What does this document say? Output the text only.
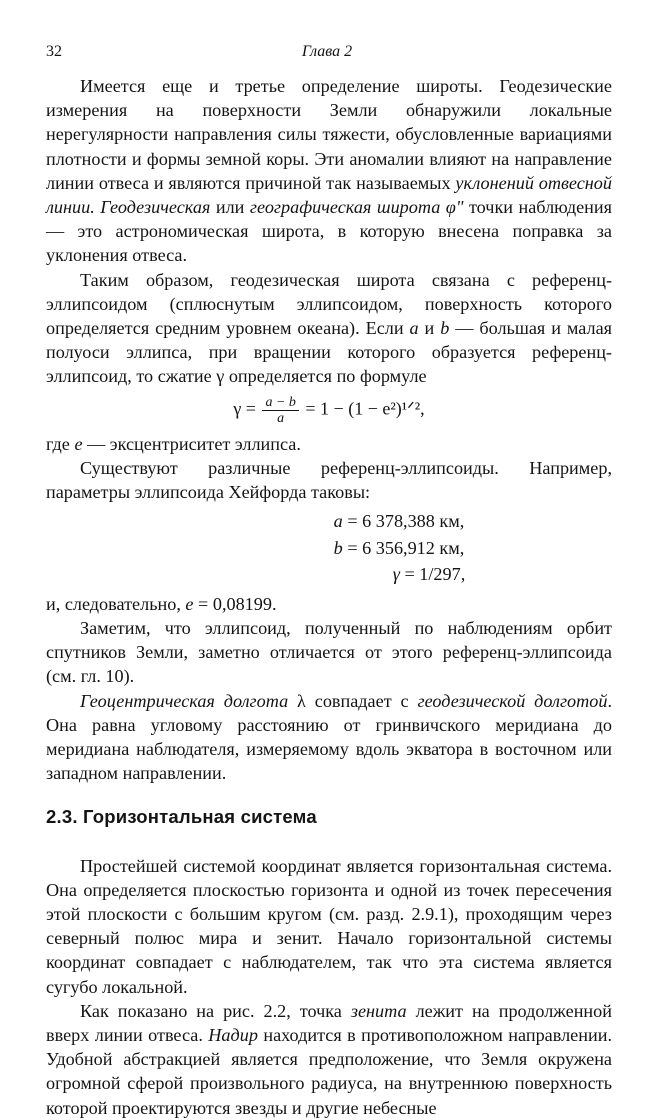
32	Глава 2

Имеется еще и третье определение широты. Геодезические измерения на поверхности Земли обнаружили локальные нерегулярности направления силы тяжести, обусловленные вариациями плотности и формы земной коры. Эти аномалии влияют на направление линии отвеса и являются причиной так называемых уклонений отвесной линии. Геодезическая или географическая широта φ" точки наблюдения — это астрономическая широта, в которую внесена поправка за уклонения отвеса.

Таким образом, геодезическая широта связана с референц-эллипсоидом (сплюснутым эллипсоидом, поверхность которого определяется средним уровнем океана). Если a и b — большая и малая полуоси эллипса, при вращении которого образуется референц-эллипсоид, то сжатие γ определяется по формуле

$\gamma = \frac{a - b}{a} = 1 - (1$ − e²)¹ᐟ²,

где e — эксцентриситет эллипса.

Существуют различные референц-эллипсоиды. Например, параметры эллипсоида Хейфорда таковы:

a = 6 378,388 км,
b = 6 356,912 км,
γ = 1/297,

и, следовательно, e = 0,08199.

Заметим, что эллипсоид, полученный по наблюдениям орбит спутников Земли, заметно отличается от этого референц-эллипсоида (см. гл. 10).

Геоцентрическая долгота λ совпадает с геодезической долготой. Она равна угловому расстоянию от гринвичского меридиана до меридиана наблюдателя, измеряемому вдоль экватора в восточном или западном направлении.

2.3. Горизонтальная система

Простейшей системой координат является горизонтальная система. Она определяется плоскостью горизонта и одной из точек пересечения этой плоскости с большим кругом (см. разд. 2.9.1), проходящим через северный полюс мира и зенит. Начало горизонтальной системы координат совпадает с наблюдателем, так что эта система является сугубо локальной.

Как показано на рис. 2.2, точка зенита лежит на продолженной вверх линии отвеса. Надир находится в противоположном направлении. Удобной абстракцией является предположение, что Земля окружена огромной сферой произвольного радиуса, на внутреннюю поверхность которой проектируются звезды и другие небесные
